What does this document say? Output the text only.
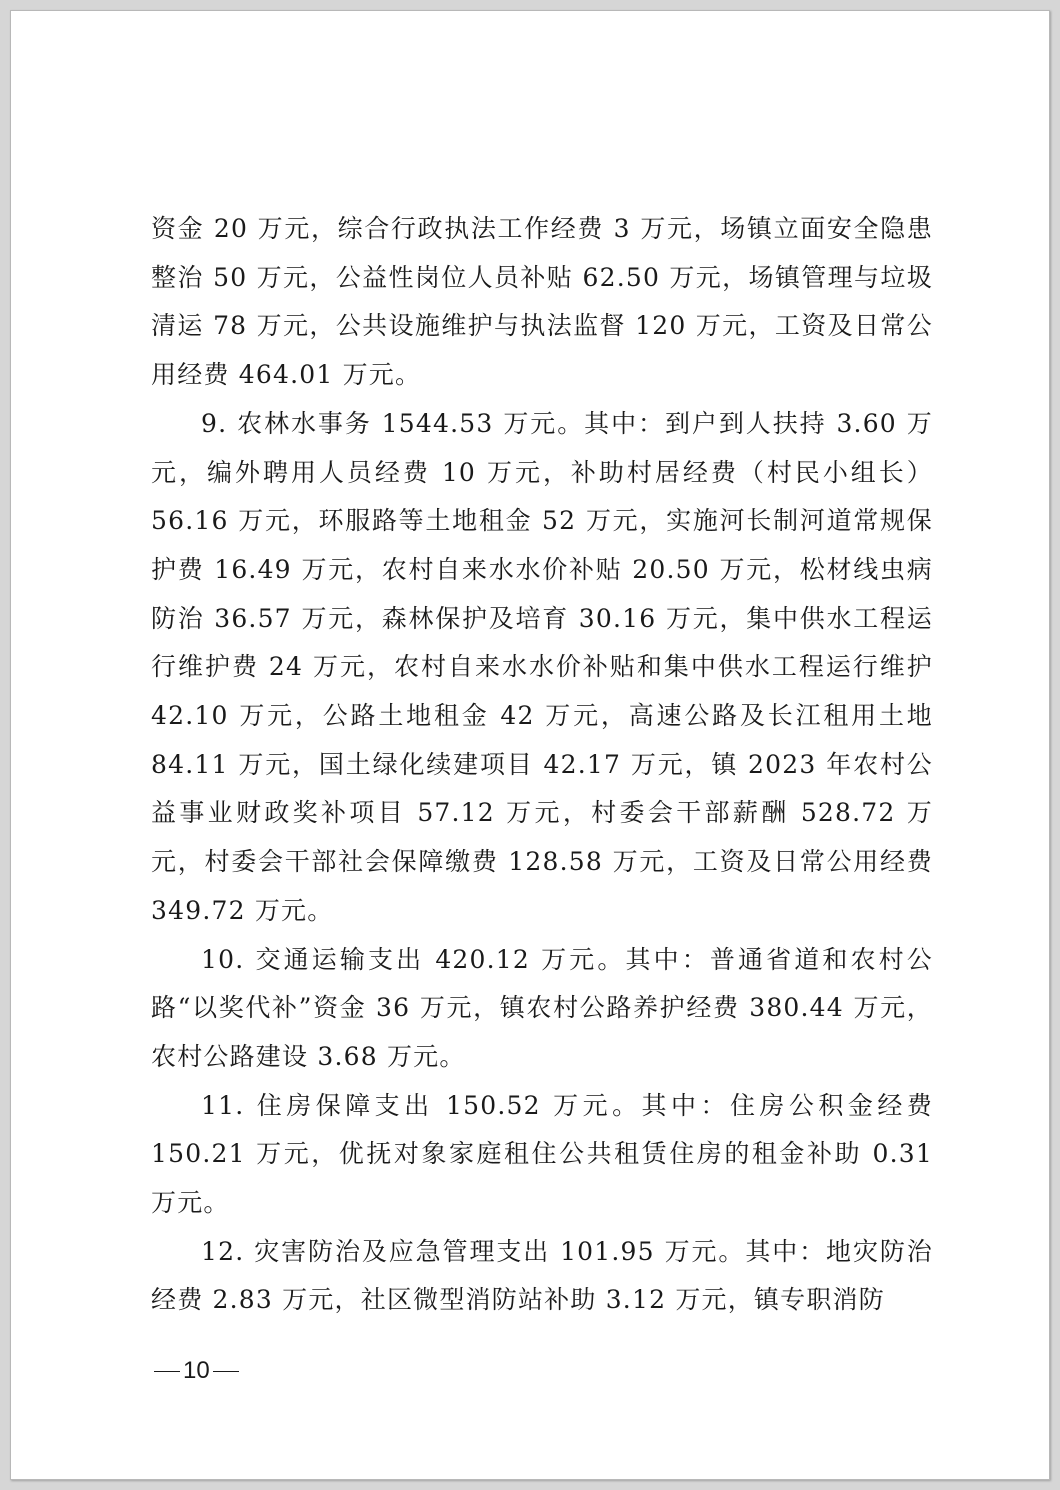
资金 20 万元，综合行政执法工作经费 3 万元，场镇立面安全隐患整治 50 万元，公益性岗位人员补贴 62.50 万元，场镇管理与垃圾清运 78 万元，公共设施维护与执法监督 120 万元，工资及日常公用经费 464.01 万元。

9. 农林水事务 1544.53 万元。其中：到户到人扶持 3.60 万元，编外聘用人员经费 10 万元，补助村居经费（村民小组长）56.16 万元，环服路等土地租金 52 万元，实施河长制河道常规保护费 16.49 万元，农村自来水水价补贴 20.50 万元，松材线虫病防治 36.57 万元，森林保护及培育 30.16 万元，集中供水工程运行维护费 24 万元，农村自来水水价补贴和集中供水工程运行维护 42.10 万元，公路土地租金 42 万元，高速公路及长江租用土地 84.11 万元，国土绿化续建项目 42.17 万元，镇 2023 年农村公益事业财政奖补项目 57.12 万元，村委会干部薪酬 528.72 万元，村委会干部社会保障缴费 128.58 万元，工资及日常公用经费 349.72 万元。

10. 交通运输支出 420.12 万元。其中：普通省道和农村公路“以奖代补”资金 36 万元，镇农村公路养护经费 380.44 万元，农村公路建设 3.68 万元。

11. 住房保障支出 150.52 万元。其中：住房公积金经费 150.21 万元，优抚对象家庭租住公共租赁住房的租金补助 0.31 万元。

12. 灾害防治及应急管理支出 101.95 万元。其中：地灾防治经费 2.83 万元，社区微型消防站补助 3.12 万元，镇专职消防

10
